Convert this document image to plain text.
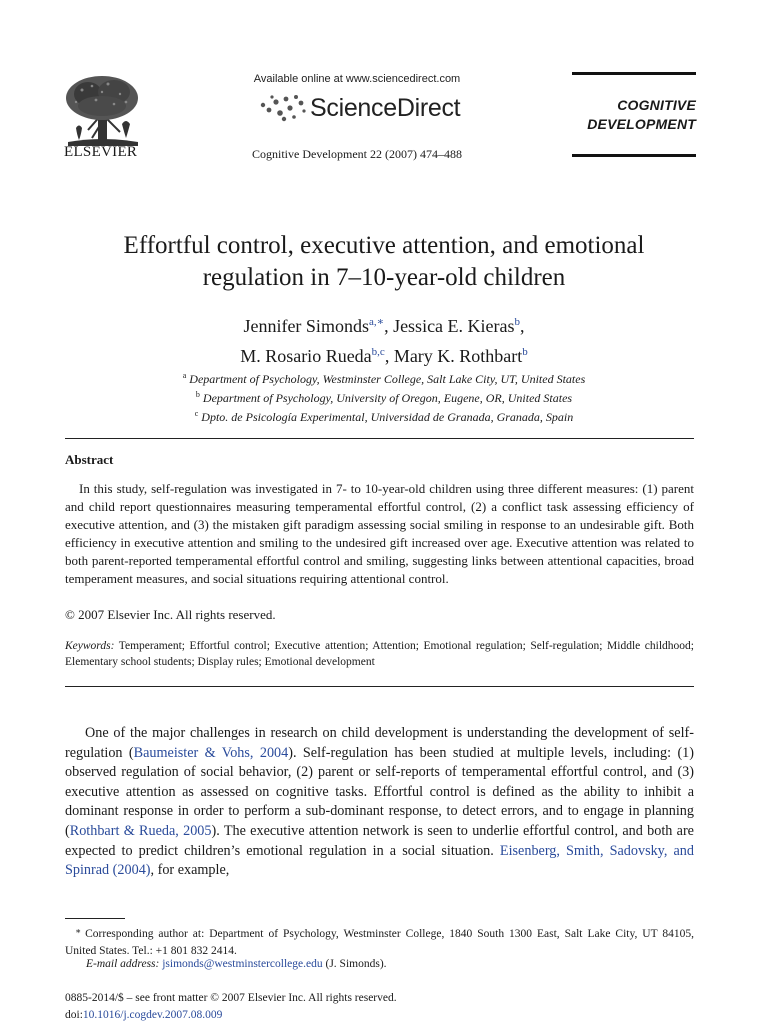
ELSEVIER
Available online at www.sciencedirect.com
ScienceDirect
Cognitive Development 22 (2007) 474–488
COGNITIVE
DEVELOPMENT
Effortful control, executive attention, and emotional
regulation in 7–10-year-old children
Jennifer Simonds$^{a,∗}$, Jessica E. Kieras$^b$,
M. Rosario Rueda$^{b,c}$, Mary K. Rothbart$^b$
$^a$ Department of Psychology, Westminster College, Salt Lake City, UT, United States
$^b$ Department of Psychology, University of Oregon, Eugene, OR, United States
$^c$ Dpto. de Psicología Experimental, Universidad de Granada, Granada, Spain
Abstract
In this study, self-regulation was investigated in 7- to 10-year-old children using three different measures: (1) parent and child report questionnaires measuring temperamental effortful control, (2) a conflict task assessing efficiency of executive attention, and (3) the mistaken gift paradigm assessing social smiling in response to an undesirable gift. Both efficiency in executive attention and smiling to the undesired gift increased over age. Executive attention was related to both parent-reported temperamental effortful control and smiling, suggesting links between attentional capacities, broad temperament measures, and social situations requiring attentional control.
© 2007 Elsevier Inc. All rights reserved.
Keywords: Temperament; Effortful control; Executive attention; Attention; Emotional regulation; Self-regulation; Middle childhood; Elementary school students; Display rules; Emotional development
One of the major challenges in research on child development is understanding the development of self-regulation (Baumeister & Vohs, 2004). Self-regulation has been studied at multiple levels, including: (1) observed regulation of social behavior, (2) parent or self-reports of temperamental effortful control, and (3) executive attention as assessed on cognitive tasks. Effortful control is defined as the ability to inhibit a dominant response in order to perform a sub-dominant response, to detect errors, and to engage in planning (Rothbart & Rueda, 2005). The executive attention network is seen to underlie effortful control, and both are expected to predict children’s emotional regulation in a social situation. Eisenberg, Smith, Sadovsky, and Spinrad (2004), for example,
∗ Corresponding author at: Department of Psychology, Westminster College, 1840 South 1300 East, Salt Lake City, UT 84105, United States. Tel.: +1 801 832 2414.
E-mail address: jsimonds@westminstercollege.edu (J. Simonds).
0885-2014/$ – see front matter © 2007 Elsevier Inc. All rights reserved.
doi:10.1016/j.cogdev.2007.08.009
